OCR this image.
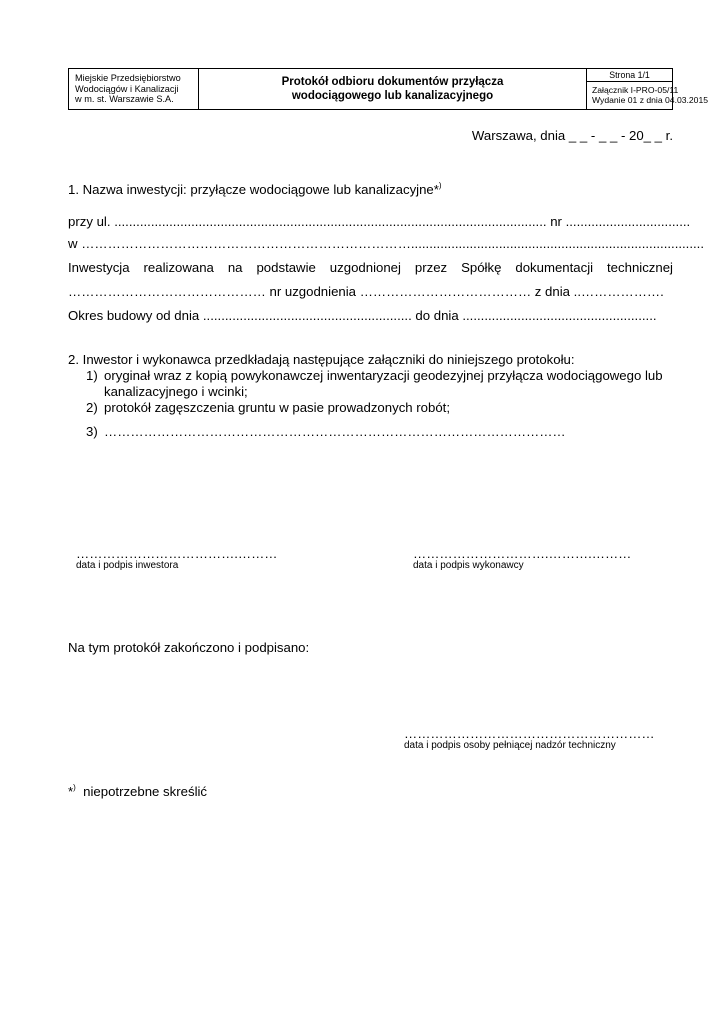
Miejskie Przedsiębiorstwo
Wodociągów i Kanalizacji
w m. st. Warszawie S.A.
Protokół odbioru dokumentów przyłącza
wodociągowego lub kanalizacyjnego
Strona 1/1
Załącznik I-PRO-05/11
Wydanie 01 z dnia 04.03.2015
Warszawa, dnia _ _ - _ _ - 20_ _ r.
1. Nazwa inwestycji: przyłącze wodociągowe lub kanalizacyjne*)
przy ul. ...................................................................................................................... nr ..................................
w …………………………………………………………………................................................................................
Inwestycja realizowana na podstawie uzgodnionej przez Spółkę dokumentacji technicznej
……………………………………… nr uzgodnienia ………………………………… z dnia ..……………….
Okres budowy od dnia ......................................................... do dnia .....................................................
2. Inwestor i wykonawca przedkładają następujące załączniki do niniejszego protokołu:
1) oryginał wraz z kopią powykonawczej inwentaryzacji geodezyjnej przyłącza wodociągowego lub
kanalizacyjnego i wcinki;
2) protokół zagęszczenia gruntu w pasie prowadzonych robót;
3) ……………………………………………………………………………………………
……………………………….………
data i podpis inwestora
………………………….……….………
data i podpis wykonawcy
Na tym protokół zakończono i podpisano:
…………………………………………………
data i podpis osoby pełniącej nadzór techniczny
*) niepotrzebne skreślić
